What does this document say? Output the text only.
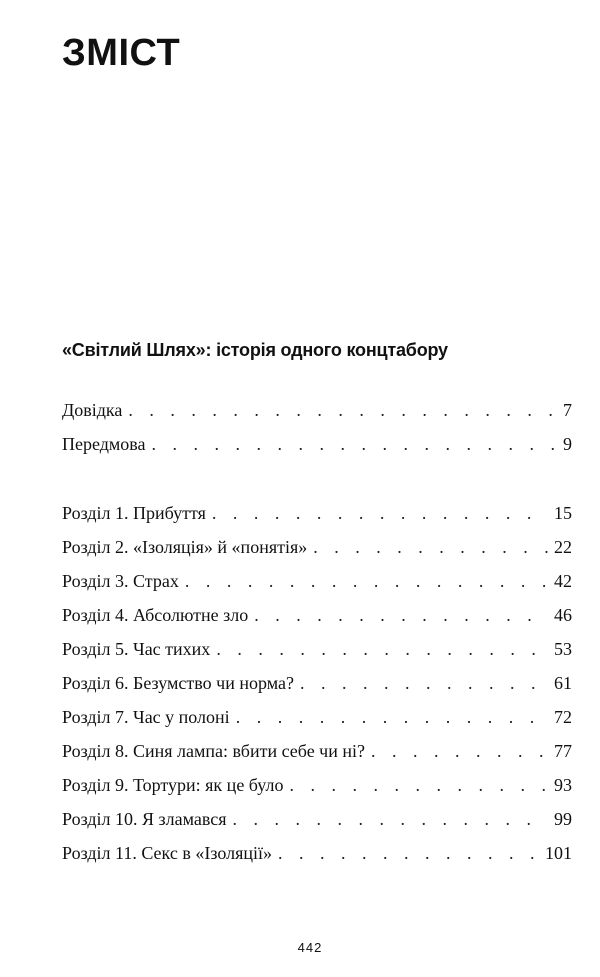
ЗМІСТ
«Світлий Шлях»: історія одного концтабору
Довідка . . .	7
Передмова . . .	9
Розділ 1. Прибуття . . .	15
Розділ 2. «Ізоляція» й «понятія» . . .	22
Розділ 3. Страх . . .	42
Розділ 4. Абсолютне зло . . .	46
Розділ 5. Час тихих . . .	53
Розділ 6. Безумство чи норма? . . .	61
Розділ 7. Час у полоні . . .	72
Розділ 8. Синя лампа: вбити себе чи ні? . . .	77
Розділ 9. Тортури: як це було . . .	93
Розділ 10. Я зламався . . .	99
Розділ 11. Секс в «Ізоляції» . . .	101
442
